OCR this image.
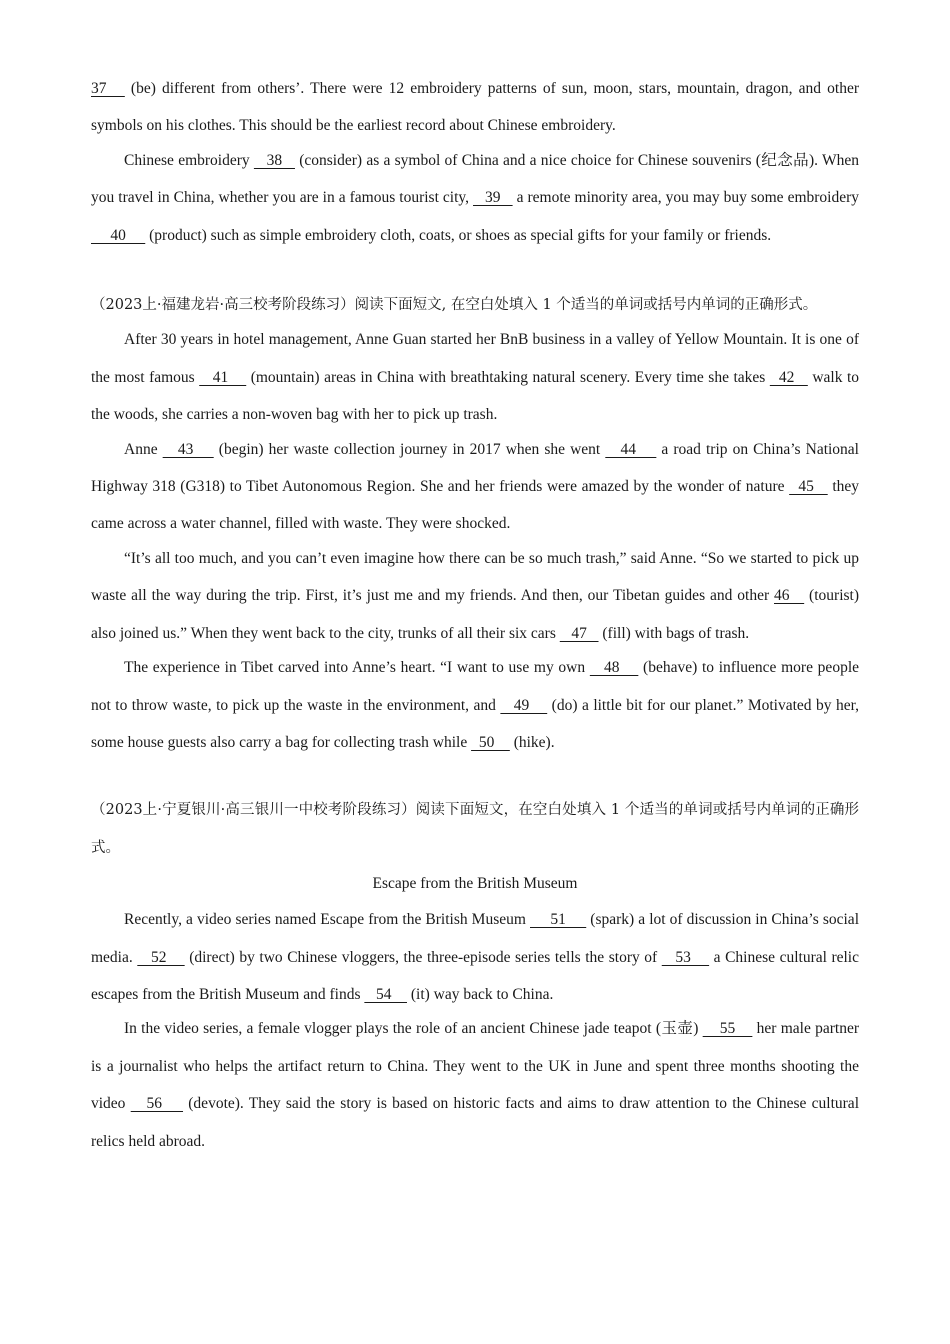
37    (be) different from others’. There were 12 embroidery patterns of sun, moon, stars, mountain, dragon, and other symbols on his clothes. This should be the earliest record about Chinese embroidery.

Chinese embroidery    38    (consider) as a symbol of China and a nice choice for Chinese souvenirs (纪念品). When you travel in China, whether you are in a famous tourist city,    39    a remote minority area, you may buy some embroidery      40      (product) such as simple embroidery cloth, coats, or shoes as special gifts for your family or friends.

（2023上·福建龙岩·高三校考阶段练习）阅读下面短文, 在空白处填入 1 个适当的单词或括号内单词的正确形式。

After 30 years in hotel management, Anne Guan started her BnB business in a valley of Yellow Mountain. It is one of the most famous    41     (mountain) areas in China with breathtaking natural scenery. Every time she takes   42    walk to the woods, she carries a non-woven bag with her to pick up trash.

Anne    43     (begin) her waste collection journey in 2017 when she went    44     a road trip on China’s National Highway 318 (G318) to Tibet Autonomous Region. She and her friends were amazed by the wonder of nature   45    they came across a water channel, filled with waste. They were shocked.

“It’s all too much, and you can’t even imagine how there can be so much trash,” said Anne. “So we started to pick up waste all the way during the trip. First, it’s just me and my friends. And then, our Tibetan guides and other 46    (tourist) also joined us.” When they went back to the city, trunks of all their six cars    47    (fill) with bags of trash.

The experience in Tibet carved into Anne’s heart. “I want to use my own    48     (behave) to influence more people not to throw waste, to pick up the waste in the environment, and    49     (do) a little bit for our planet.” Motivated by her, some house guests also carry a bag for collecting trash while   50     (hike).

（2023上·宁夏银川·高三银川一中校考阶段练习）阅读下面短文，在空白处填入 1 个适当的单词或括号内单词的正确形式。

Escape from the British Museum

Recently, a video series named Escape from the British Museum      51      (spark) a lot of discussion in China’s social media.    52     (direct) by two Chinese vloggers, the three-episode series tells the story of    53     a Chinese cultural relic escapes from the British Museum and finds    54     (it) way back to China.

In the video series, a female vlogger plays the role of an ancient Chinese jade teapot (玉壶)     55     her male partner is a journalist who helps the artifact return to China. They went to the UK in June and spent three months shooting the video    56     (devote). They said the story is based on historic facts and aims to draw attention to the Chinese cultural relics held abroad.
